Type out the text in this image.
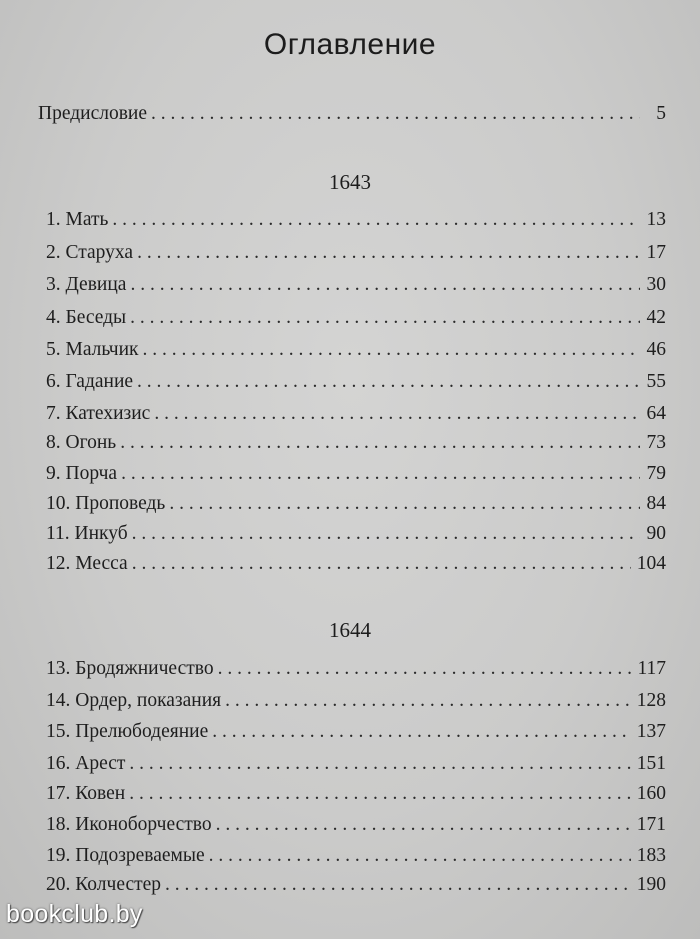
Оглавление
Предисловие . . .	5
1643
1. Мать . . .	13
2. Старуха . . .	17
3. Девица . . .	30
4. Беседы . . .	42
5. Мальчик . . .	46
6. Гадание . . .	55
7. Катехизис . . .	64
8. Огонь . . .	73
9. Порча . . .	79
10. Проповедь . . .	84
11. Инкуб . . .	90
12. Месса . . .	104
1644
13. Бродяжничество . . .	117
14. Ордер, показания . . .	128
15. Прелюбодеяние . . .	137
16. Арест . . .	151
17. Ковен . . .	160
18. Иконоборчество . . .	171
19. Подозреваемые . . .	183
20. Колчестер . . .	190
bookclub.by
